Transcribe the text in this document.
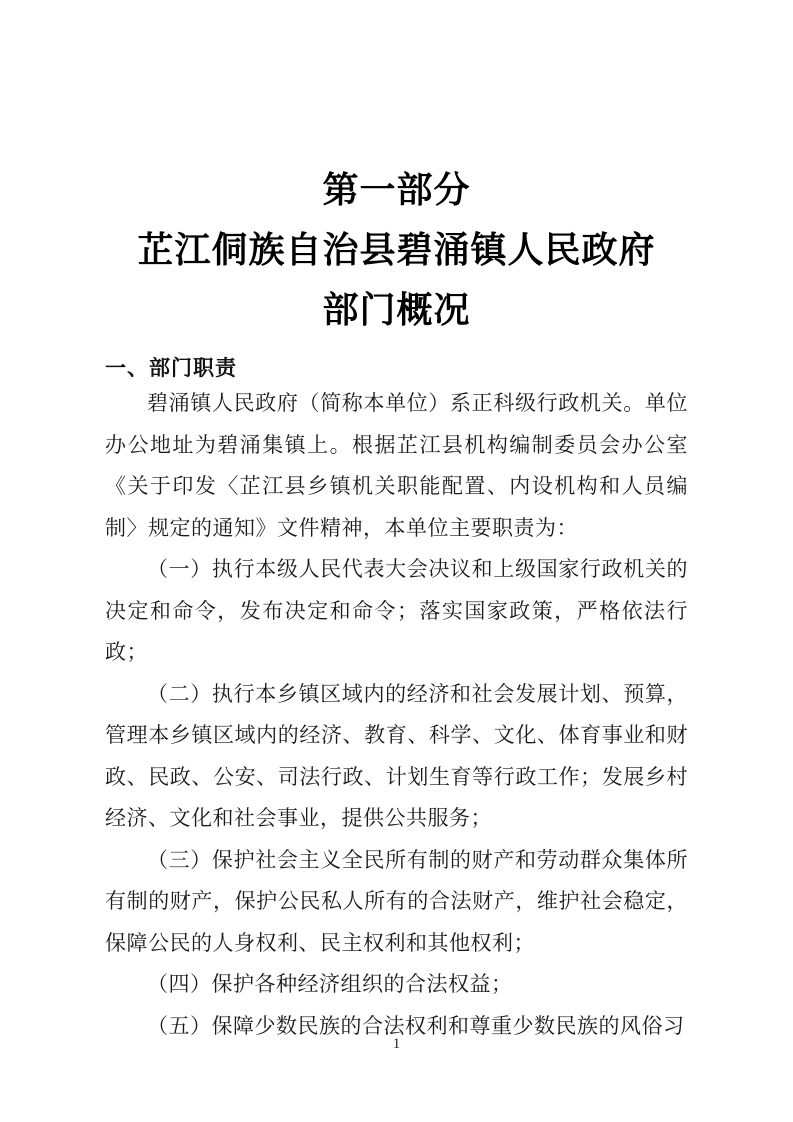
第一部分
芷江侗族自治县碧涌镇人民政府
部门概况
一、部门职责

碧涌镇人民政府（简称本单位）系正科级行政机关。单位办公地址为碧涌集镇上。根据芷江县机构编制委员会办公室《关于印发〈芷江县乡镇机关职能配置、内设机构和人员编制〉规定的通知》文件精神，本单位主要职责为：

（一）执行本级人民代表大会决议和上级国家行政机关的决定和命令，发布决定和命令；落实国家政策，严格依法行政；

（二）执行本乡镇区域内的经济和社会发展计划、预算，管理本乡镇区域内的经济、教育、科学、文化、体育事业和财政、民政、公安、司法行政、计划生育等行政工作；发展乡村经济、文化和社会事业，提供公共服务；

（三）保护社会主义全民所有制的财产和劳动群众集体所有制的财产，保护公民私人所有的合法财产，维护社会稳定，保障公民的人身权利、民主权利和其他权利；

（四）保护各种经济组织的合法权益；

（五）保障少数民族的合法权利和尊重少数民族的风俗习

1
